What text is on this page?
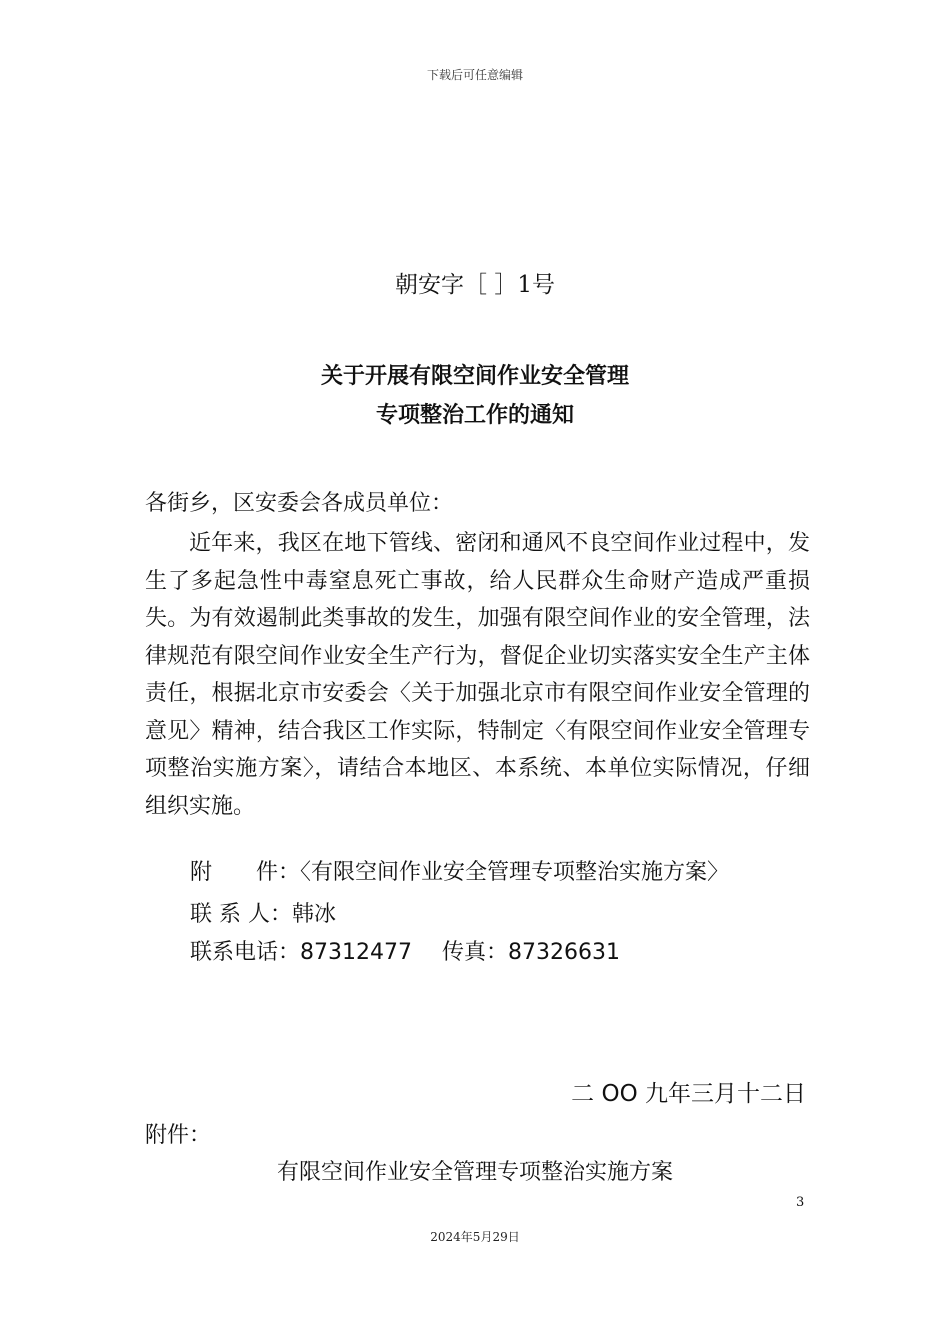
下载后可任意编辑

朝安字［ ］1号

关于开展有限空间作业安全管理

专项整治工作的通知

各街乡，区安委会各成员单位：

近年来，我区在地下管线、密闭和通风不良空间作业过程中，发生了多起急性中毒窒息死亡事故，给人民群众生命财产造成严重损失。为有效遏制此类事故的发生，加强有限空间作业的安全管理，法律规范有限空间作业安全生产行为，督促企业切实落实安全生产主体责任，根据北京市安委会〈关于加强北京市有限空间作业安全管理的意见〉精神，结合我区工作实际，特制定〈有限空间作业安全管理专项整治实施方案〉，请结合本地区、本系统、本单位实际情况，仔细组织实施。

附　　件：〈有限空间作业安全管理专项整治实施方案〉

联 系 人：韩冰

联系电话：87312477 传真：87326631

二 OO 九年三月十二日

附件：

有限空间作业安全管理专项整治实施方案

3

2024年5月29日
